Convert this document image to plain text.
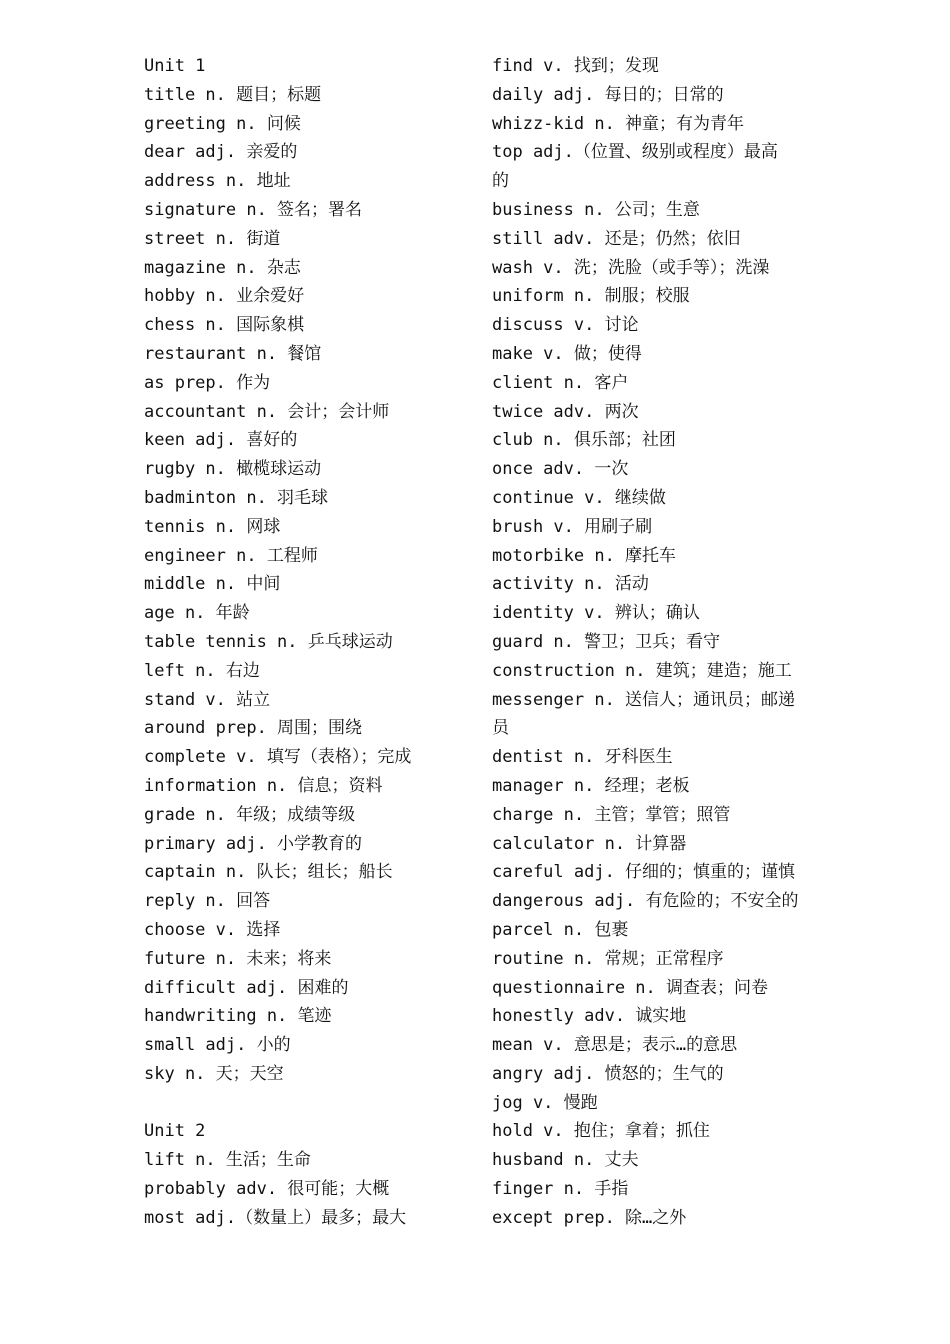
Unit 1
title n. 题目；标题
greeting n. 问候
dear adj. 亲爱的
address n. 地址
signature n. 签名；署名
street n. 街道
magazine n. 杂志
hobby n. 业余爱好
chess n. 国际象棋
restaurant n. 餐馆
as prep. 作为
accountant n. 会计；会计师
keen adj. 喜好的
rugby n. 橄榄球运动
badminton n. 羽毛球
tennis n. 网球
engineer n. 工程师
middle n. 中间
age n. 年龄
table tennis n. 乒乓球运动
left n. 右边
stand v. 站立
around prep. 周围；围绕
complete v. 填写（表格）；完成
information n. 信息；资料
grade n. 年级；成绩等级
primary adj. 小学教育的
captain n. 队长；组长；船长
reply n. 回答
choose v. 选择
future n. 未来；将来
difficult adj. 困难的
handwriting n. 笔迹
small adj. 小的
sky n. 天；天空
Unit 2
lift n. 生活；生命
probably adv. 很可能；大概
most adj.（数量上）最多；最大
find v. 找到；发现
daily adj. 每日的；日常的
whizz-kid n. 神童；有为青年
top adj.（位置、级别或程度）最高
的
business n. 公司；生意
still adv. 还是；仍然；依旧
wash v. 洗；洗脸（或手等）；洗澡
uniform n. 制服；校服
discuss v. 讨论
make v. 做；使得
client n. 客户
twice adv. 两次
club n. 俱乐部；社团
once adv. 一次
continue v. 继续做
brush v. 用刷子刷
motorbike n. 摩托车
activity n. 活动
identity v. 辨认；确认
guard n. 警卫；卫兵；看守
construction n. 建筑；建造；施工
messenger n. 送信人；通讯员；邮递
员
dentist n. 牙科医生
manager n. 经理；老板
charge n. 主管；掌管；照管
calculator n. 计算器
careful adj. 仔细的；慎重的；谨慎
dangerous adj. 有危险的；不安全的
parcel n. 包裹
routine n. 常规；正常程序
questionnaire n. 调查表；问卷
honestly adv. 诚实地
mean v. 意思是；表示…的意思
angry adj. 愤怒的；生气的
jog v. 慢跑
hold v. 抱住；拿着；抓住
husband n. 丈夫
finger n. 手指
except prep. 除…之外
